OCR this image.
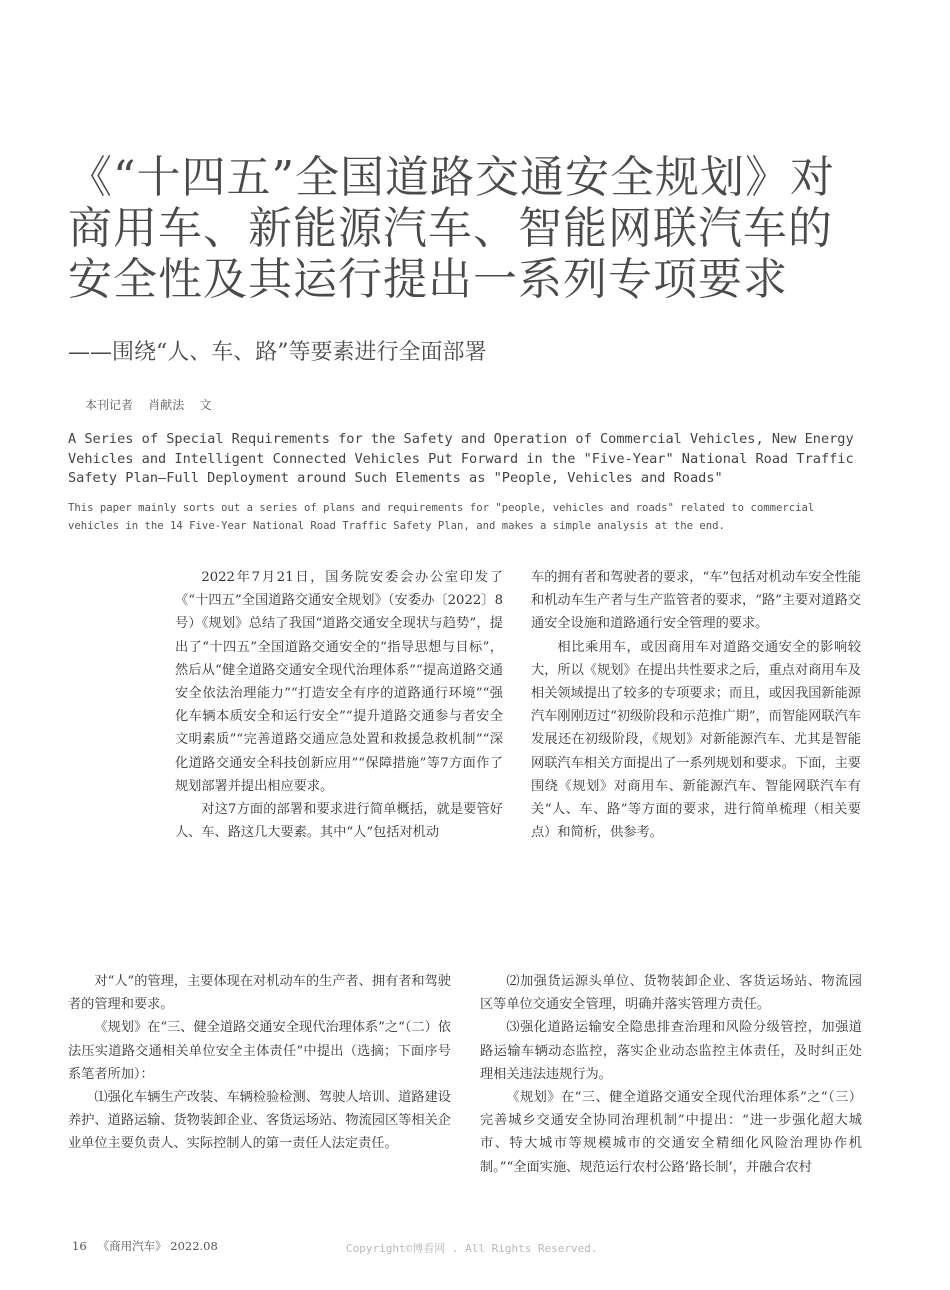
《“十四五”全国道路交通安全规划》对
商用车、新能源汽车、智能网联汽车的
安全性及其运行提出一系列专项要求
——围绕“人、车、路”等要素进行全面部署
本刊记者    肖献法    文
A Series of Special Requirements for the Safety and Operation of Commercial Vehicles, New Energy
Vehicles and Intelligent Connected Vehicles Put Forward in the "Five-Year" National Road Traffic
Safety Plan—Full Deployment around Such Elements as "People, Vehicles and Roads"
This paper mainly sorts out a series of plans and requirements for "people, vehicles and roads" related to commercial
vehicles in the 14 Five-Year National Road Traffic Safety Plan, and makes a simple analysis at the end.

2022年7月21日，国务院安委会办公室印发了《“十四五”全国道路交通安全规划》（安委办〔2022〕8号）《规划》总结了我国“道路交通安全现状与趋势”，提出了“十四五”全国道路交通安全的“指导思想与目标”，然后从“健全道路交通安全现代治理体系”“提高道路交通安全依法治理能力”“打造安全有序的道路通行环境”“强化车辆本质安全和运行安全”“提升道路交通参与者安全文明素质”“完善道路交通应急处置和救援急救机制”“深化道路交通安全科技创新应用”“保障措施”等7方面作了规划部署并提出相应要求。

对这7方面的部署和要求进行简单概括，就是要管好人、车、路这几大要素。其中“人”包括对机动

车的拥有者和驾驶者的要求，“车”包括对机动车安全性能和机动车生产者与生产监管者的要求，“路”主要对道路交通安全设施和道路通行安全管理的要求。

相比乘用车，或因商用车对道路交通安全的影响较大，所以《规划》在提出共性要求之后，重点对商用车及相关领域提出了较多的专项要求；而且，或因我国新能源汽车刚刚迈过“初级阶段和示范推广期”，而智能网联汽车发展还在初级阶段，《规划》对新能源汽车、尤其是智能网联汽车相关方面提出了一系列规划和要求。下面，主要围绕《规划》对商用车、新能源汽车、智能网联汽车有关“人、车、路”等方面的要求，进行简单梳理（相关要点）和简析，供参考。

对“人”的管理，主要体现在对机动车的生产者、拥有者和驾驶者的管理和要求。

《规划》在“三、健全道路交通安全现代治理体系”之“（二）依法压实道路交通相关单位安全主体责任”中提出（选摘；下面序号系笔者所加）：

⑴强化车辆生产改装、车辆检验检测、驾驶人培训、道路建设养护、道路运输、货物装卸企业、客货运场站、物流园区等相关企业单位主要负责人、实际控制人的第一责任人法定责任。

⑵加强货运源头单位、货物装卸企业、客货运场站、物流园区等单位交通安全管理，明确并落实管理方责任。

⑶强化道路运输安全隐患排查治理和风险分级管控，加强道路运输车辆动态监控，落实企业动态监控主体责任，及时纠正处理相关违法违规行为。

《规划》在“三、健全道路交通安全现代治理体系”之“（三）完善城乡交通安全协同治理机制”中提出：“进一步强化超大城市、特大城市等规模城市的交通安全精细化风险治理协作机制。”“全面实施、规范运行农村公路‘路长制’，并融合农村

16   《商用汽车》 2022.08	Copyright©博看网 . All Rights Reserved.
